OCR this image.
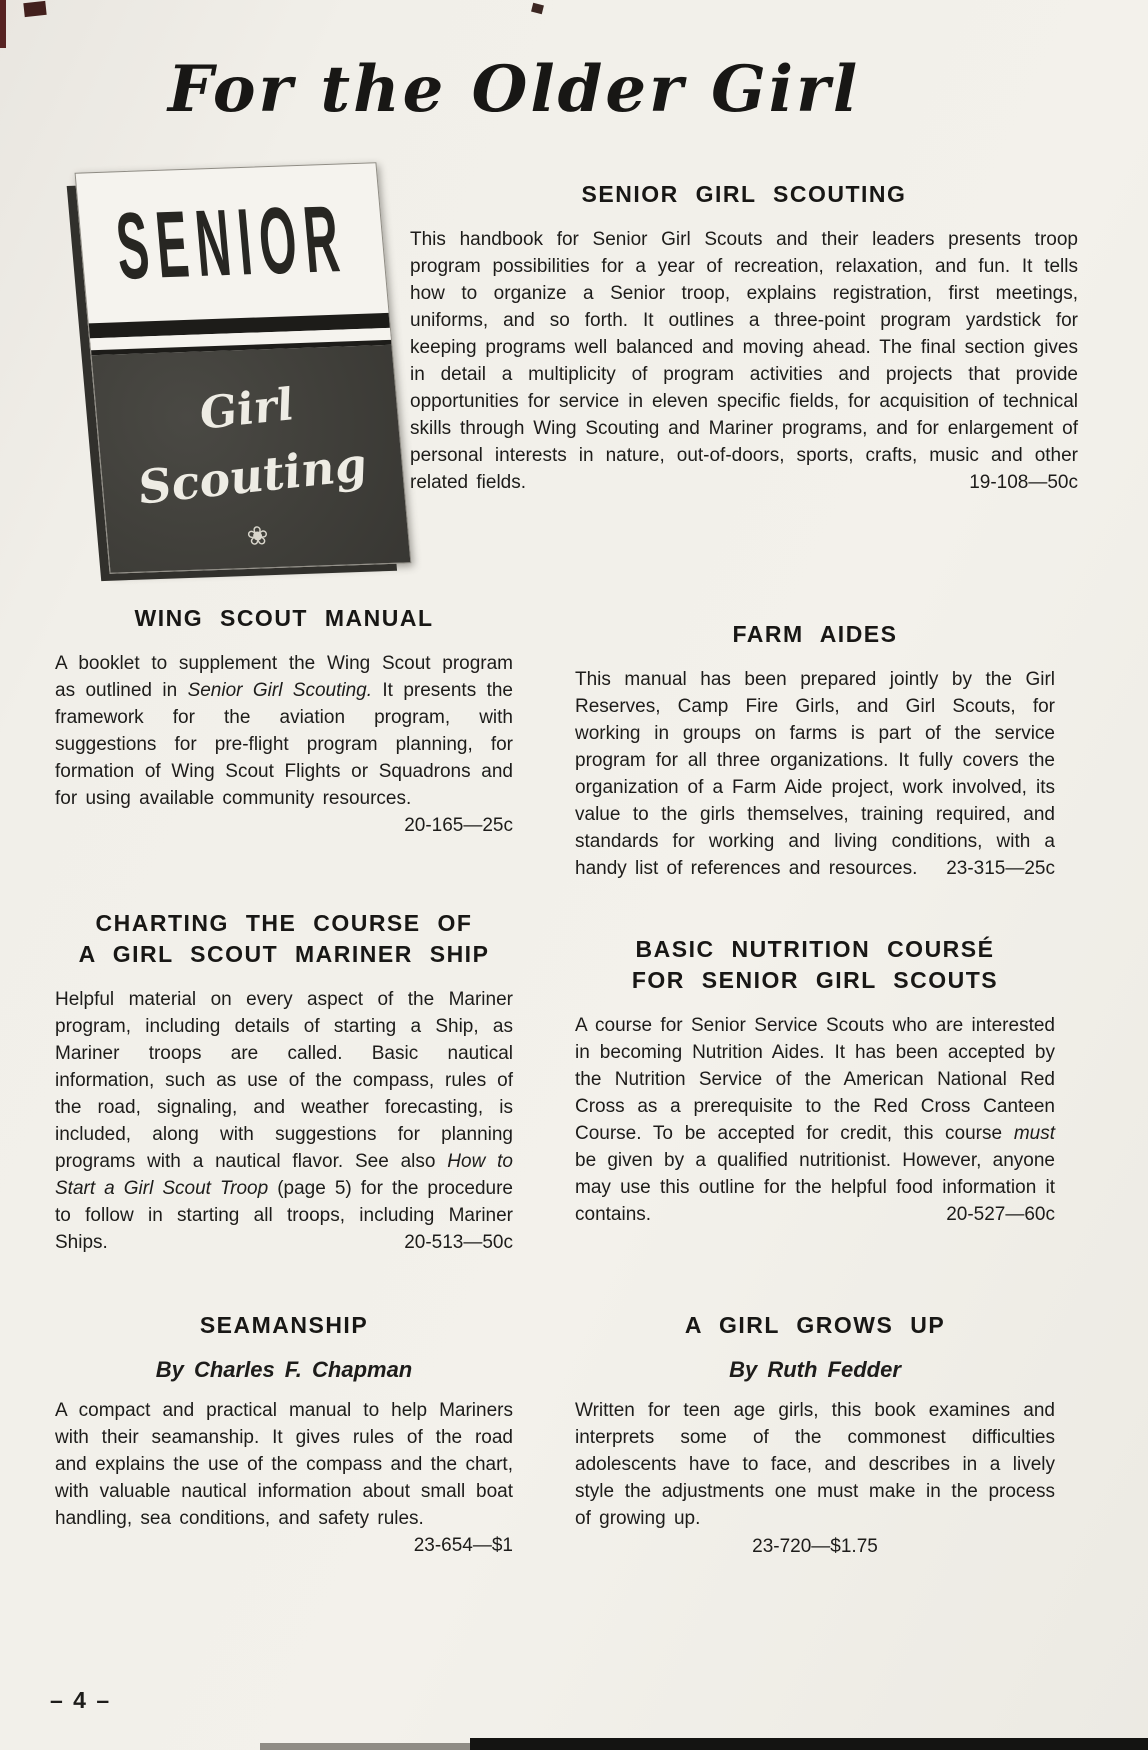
For the Older Girl
SENIOR
Girl
Scouting
❀
SENIOR GIRL SCOUTING

This handbook for Senior Girl Scouts and their leaders presents troop program possibilities for a year of recreation, relaxation, and fun. It tells how to organize a Senior troop, explains registration, first meetings, uniforms, and so forth. It outlines a three-point program yardstick for keeping programs well balanced and moving ahead. The final section gives in detail a multiplicity of program activities and projects that provide opportunities for service in eleven specific fields, for acquisition of technical skills through Wing Scouting and Mariner programs, and for enlargement of personal interests in nature, out-of-doors, sports, crafts, music and other related fields.	19-108—50c

WING SCOUT MANUAL

A booklet to supplement the Wing Scout program as outlined in Senior Girl Scouting. It presents the framework for the aviation program, with suggestions for pre-flight program planning, for formation of Wing Scout Flights or Squadrons and for using available community resources.
20-165—25c

CHARTING THE COURSE OF
A GIRL SCOUT MARINER SHIP

Helpful material on every aspect of the Mariner program, including details of starting a Ship, as Mariner troops are called. Basic nautical information, such as use of the compass, rules of the road, signaling, and weather forecasting, is included, along with suggestions for planning programs with a nautical flavor. See also How to Start a Girl Scout Troop (page 5) for the procedure to follow in starting all troops, including Mariner Ships.	20-513—50c

SEAMANSHIP
By Charles F. Chapman

A compact and practical manual to help Mariners with their seamanship. It gives rules of the road and explains the use of the compass and the chart, with valuable nautical information about small boat handling, sea conditions, and safety rules.
23-654—$1

FARM AIDES

This manual has been prepared jointly by the Girl Reserves, Camp Fire Girls, and Girl Scouts, for working in groups on farms is part of the service program for all three organizations. It fully covers the organization of a Farm Aide project, work involved, its value to the girls themselves, training required, and standards for working and living conditions, with a handy list of references and resources.	23-315—25c

BASIC NUTRITION COURSÉ
FOR SENIOR GIRL SCOUTS

A course for Senior Service Scouts who are interested in becoming Nutrition Aides. It has been accepted by the Nutrition Service of the American National Red Cross as a prerequisite to the Red Cross Canteen Course. To be accepted for credit, this course must be given by a qualified nutritionist. However, anyone may use this outline for the helpful food information it contains.	20-527—60c

A GIRL GROWS UP
By Ruth Fedder

Written for teen age girls, this book examines and interprets some of the commonest difficulties adolescents have to face, and describes in a lively style the adjustments one must make in the process of growing up.

23-720—$1.75
– 4 –
